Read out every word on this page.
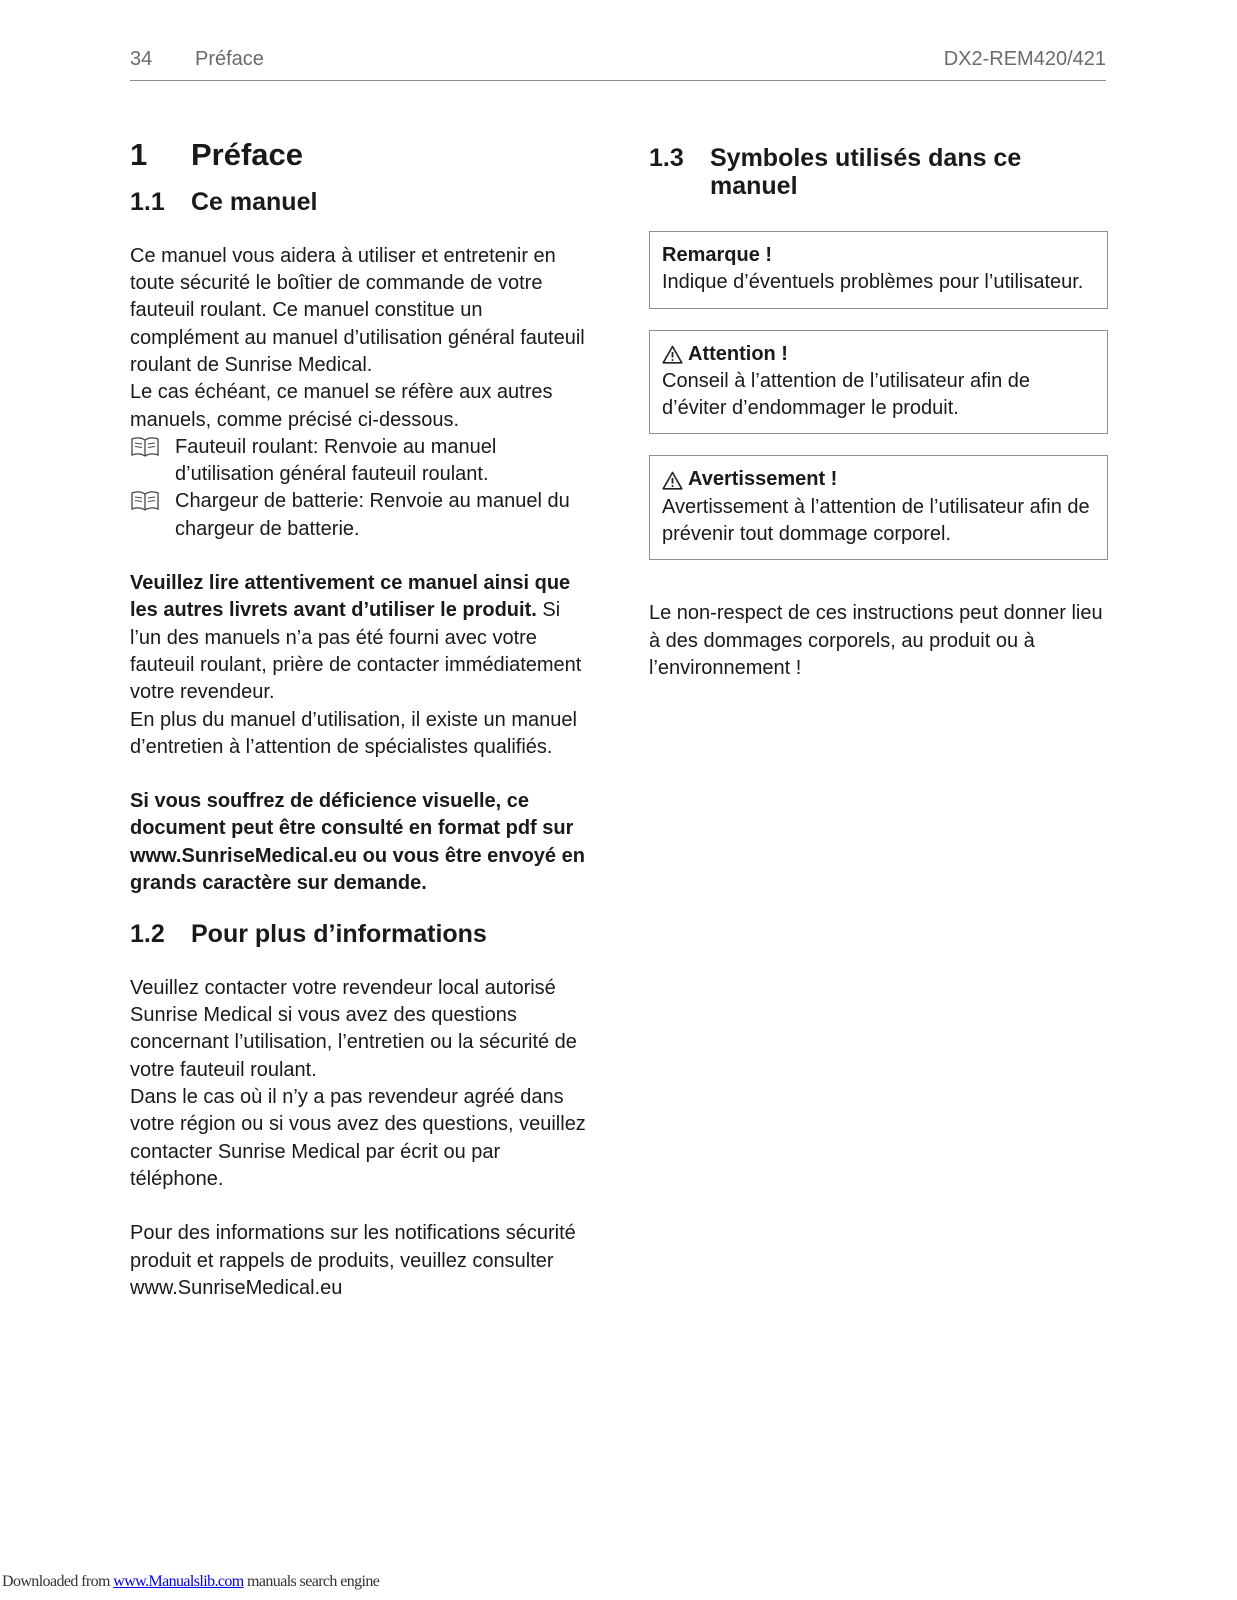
34 Préface	DX2-REM420/421
1	Préface
1.1	Ce manuel

Ce manuel vous aidera à utiliser et entretenir en toute sécurité le boîtier de commande de votre fauteuil roulant. Ce manuel constitue un complément au manuel d’utilisation général fauteuil roulant de Sunrise Medical.

Le cas échéant, ce manuel se réfère aux autres manuels, comme précisé ci-dessous.

Fauteuil roulant: Renvoie au manuel d’utilisation général fauteuil roulant.
Chargeur de batterie: Renvoie au manuel du chargeur de batterie.

Veuillez lire attentivement ce manuel ainsi que les autres livrets avant d’utiliser le produit. Si l’un des manuels n’a pas été fourni avec votre fauteuil roulant, prière de contacter immédiatement votre revendeur.

En plus du manuel d’utilisation, il existe un manuel d’entretien à l’attention de spécialistes qualifiés.

Si vous souffrez de déficience visuelle, ce document peut être consulté en format pdf sur www.SunriseMedical.eu ou vous être envoyé en grands caractère sur demande.

1.2	Pour plus d’informations

Veuillez contacter votre revendeur local autorisé Sunrise Medical si vous avez des questions concernant l’utilisation, l’entretien ou la sécurité de votre fauteuil roulant.

Dans le cas où il n’y a pas revendeur agréé dans votre région ou si vous avez des questions, veuillez contacter Sunrise Medical par écrit ou par téléphone.

Pour des informations sur les notifications sécurité produit et rappels de produits, veuillez consulter www.SunriseMedical.eu

1.3	Symboles utilisés dans ce manuel
Remarque !
Indique d’éventuels problèmes pour l’utilisateur.
Attention !
Conseil à l’attention de l’utilisateur afin de d’éviter d’endommager le produit.
Avertissement !
Avertissement à l’attention de l’utilisateur afin de prévenir tout dommage corporel.

Le non-respect de ces instructions peut donner lieu à des dommages corporels, au produit ou à l’environnement !

Downloaded from www.Manualslib.com manuals search engine
